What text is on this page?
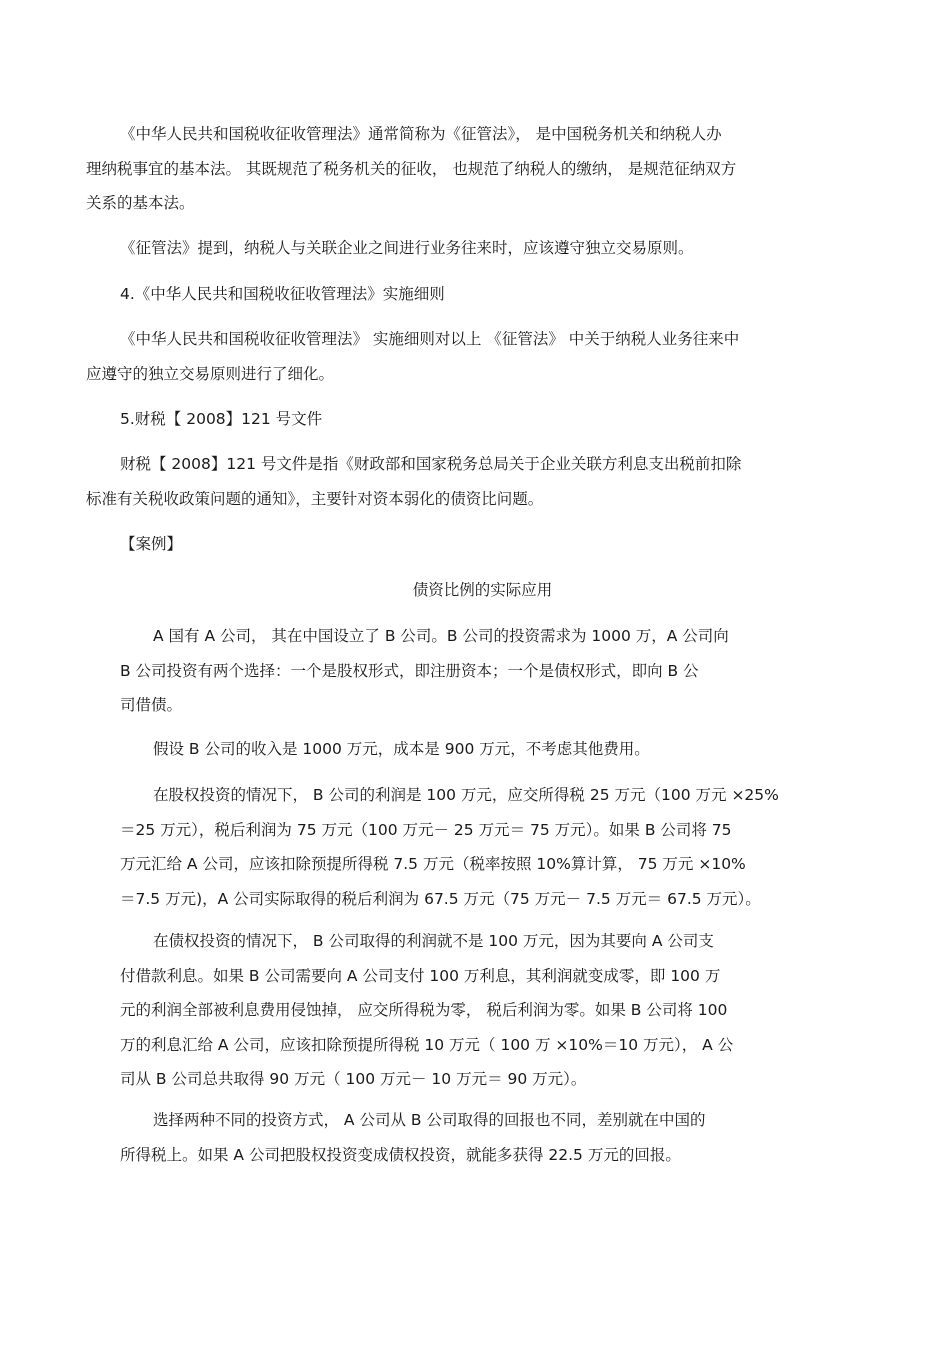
《中华人民共和国税收征收管理法》通常简称为《征管法》， 是中国税务机关和纳税人办
理纳税事宜的基本法。 其既规范了税务机关的征收， 也规范了纳税人的缴纳， 是规范征纳双方
关系的基本法。
《征管法》提到，纳税人与关联企业之间进行业务往来时，应该遵守独立交易原则。
4.《中华人民共和国税收征收管理法》实施细则
《中华人民共和国税收征收管理法》 实施细则对以上 《征管法》 中关于纳税人业务往来中
应遵守的独立交易原则进行了细化。
5.财税【 2008】121 号文件
财税【 2008】121 号文件是指《财政部和国家税务总局关于企业关联方利息支出税前扣除
标准有关税收政策问题的通知》，主要针对资本弱化的债资比问题。
【案例】
债资比例的实际应用
A 国有 A 公司， 其在中国设立了 B 公司。B 公司的投资需求为 1000 万，A 公司向
B 公司投资有两个选择：一个是股权形式，即注册资本；一个是债权形式，即向 B 公
司借债。
假设 B 公司的收入是 1000 万元，成本是 900 万元，不考虑其他费用。
在股权投资的情况下， B 公司的利润是 100 万元，应交所得税 25 万元（100 万元 ×25%
＝25 万元），税后利润为 75 万元（100 万元－ 25 万元＝ 75 万元）。如果 B 公司将 75
万元汇给 A 公司，应该扣除预提所得税 7.5 万元（税率按照 10%算计算， 75 万元 ×10%
＝7.5 万元)，A 公司实际取得的税后利润为 67.5 万元（75 万元－ 7.5 万元＝ 67.5 万元）。
在债权投资的情况下， B 公司取得的利润就不是 100 万元，因为其要向 A 公司支
付借款利息。如果 B 公司需要向 A 公司支付 100 万利息，其利润就变成零，即 100 万
元的利润全部被利息费用侵蚀掉， 应交所得税为零， 税后利润为零。如果 B 公司将 100
万的利息汇给 A 公司，应该扣除预提所得税 10 万元（ 100 万 ×10%＝10 万元）， A 公
司从 B 公司总共取得 90 万元（ 100 万元－ 10 万元＝ 90 万元）。
选择两种不同的投资方式， A 公司从 B 公司取得的回报也不同，差别就在中国的
所得税上。如果 A 公司把股权投资变成债权投资，就能多获得 22.5 万元的回报。
